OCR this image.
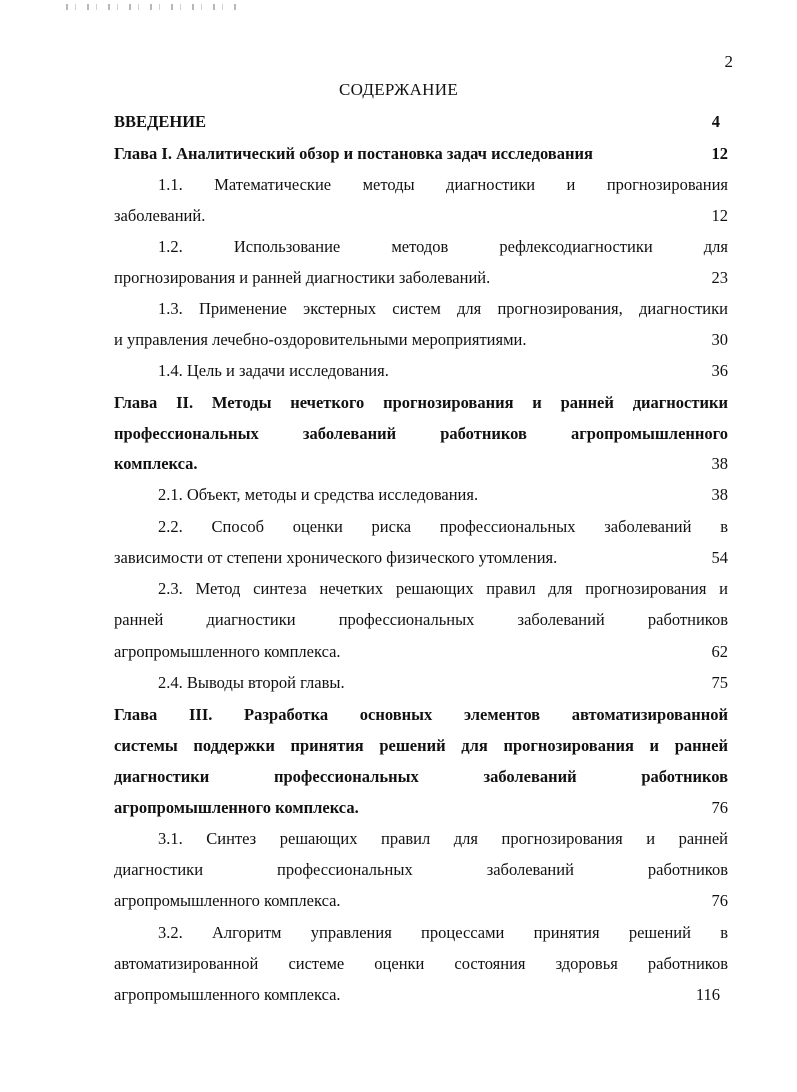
2
СОДЕРЖАНИЕ
ВВЕДЕНИЕ	4
Глава I. Аналитический обзор и постановка задач исследования	12
1.1. Математические методы диагностики и прогнозирования
заболеваний.	12
1.2. Использование методов рефлексодиагностики для
прогнозирования и ранней диагностики заболеваний.	23
1.3. Применение экстерных систем для прогнозирования, диагностики
и управления лечебно-оздоровительными мероприятиями.	30
1.4. Цель и задачи исследования.	36
Глава II. Методы нечеткого прогнозирования и ранней диагностики
профессиональных заболеваний работников агропромышленного
комплекса.	38
2.1. Объект, методы и средства исследования.	38
2.2. Способ оценки риска профессиональных заболеваний в
зависимости от степени хронического физического утомления.	54
2.3. Метод синтеза нечетких решающих правил для прогнозирования и
ранней диагностики профессиональных заболеваний работников
агропромышленного комплекса.	62
2.4. Выводы второй главы.	75
Глава III. Разработка основных элементов автоматизированной
системы поддержки принятия решений для прогнозирования и ранней
диагностики профессиональных заболеваний работников
агропромышленного комплекса.	76
3.1. Синтез решающих правил для прогнозирования и ранней
диагностики профессиональных заболеваний работников
агропромышленного комплекса.	76
3.2. Алгоритм управления процессами принятия решений в
автоматизированной системе оценки состояния здоровья работников
агропромышленного комплекса.	116
